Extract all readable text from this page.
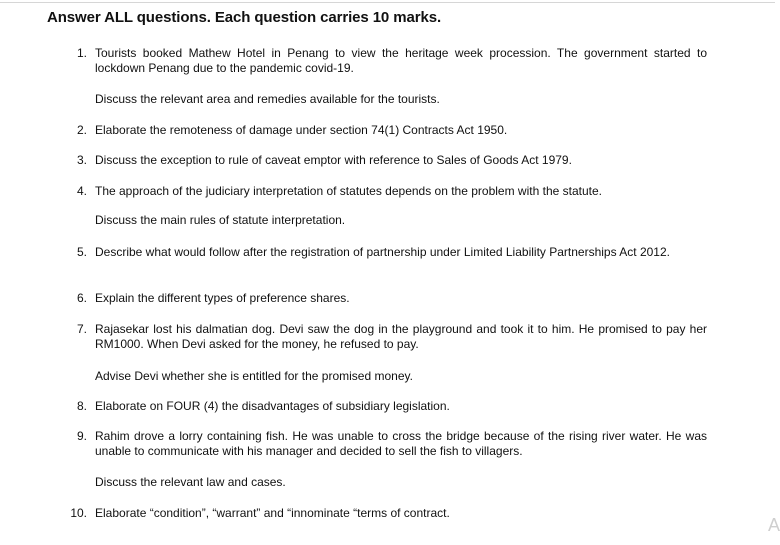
Answer ALL questions. Each question carries 10 marks.
1. Tourists booked Mathew Hotel in Penang to view the heritage week procession. The government started to lockdown Penang due to the pandemic covid-19.
Discuss the relevant area and remedies available for the tourists.
2. Elaborate the remoteness of damage under section 74(1) Contracts Act 1950.
3. Discuss the exception to rule of caveat emptor with reference to Sales of Goods Act 1979.
4. The approach of the judiciary interpretation of statutes depends on the problem with the statute.
Discuss the main rules of statute interpretation.
5. Describe what would follow after the registration of partnership under Limited Liability Partnerships Act 2012.
6. Explain the different types of preference shares.
7. Rajasekar lost his dalmatian dog. Devi saw the dog in the playground and took it to him. He promised to pay her RM1000. When Devi asked for the money, he refused to pay.
Advise Devi whether she is entitled for the promised money.
8. Elaborate on FOUR (4) the disadvantages of subsidiary legislation.
9. Rahim drove a lorry containing fish. He was unable to cross the bridge because of the rising river water. He was unable to communicate with his manager and decided to sell the fish to villagers.
Discuss the relevant law and cases.
10. Elaborate “condition”, “warrant” and “innominate “terms of contract.
A
